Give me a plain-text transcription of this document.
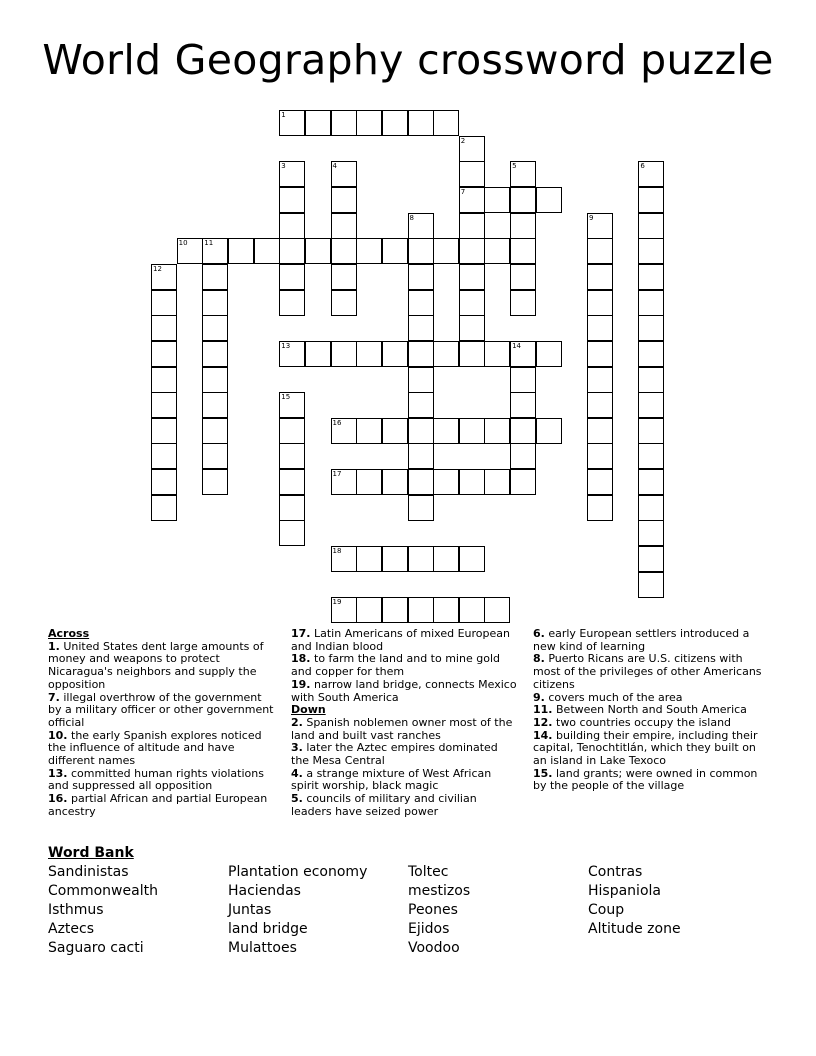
World Geography crossword puzzle
1
7
10 11
13	14
16
17
18
19
2
3	4	5	6
8	9
12
15
Across
1. United States dent large amounts of money and weapons to protect Nicaragua's neighbors and supply the opposition
7. illegal overthrow of the government by a military officer or other government official
10. the early Spanish explores noticed the influence of altitude and have different names
13. committed human rights violations and suppressed all opposition
16. partial African and partial European ancestry
17. Latin Americans of mixed European and Indian blood
18. to farm the land and to mine gold and copper for them
19. narrow land bridge, connects Mexico with South America
Down
2. Spanish noblemen owner most of the land and built vast ranches
3. later the Aztec empires dominated the Mesa Central
4. a strange mixture of West African spirit worship, black magic
5. councils of military and civilian leaders have seized power
6. early European settlers introduced a new kind of learning
8. Puerto Ricans are U.S. citizens with most of the privileges of other Americans citizens
9. covers much of the area
11. Between North and South America
12. two countries occupy the island
14. building their empire, including their capital, Tenochtitlán, which they built on an island in Lake Texoco
15. land grants; were owned in common by the people of the village
Word Bank
Sandinistas	Plantation economy	Toltec	Contras
Commonwealth	Haciendas	mestizos	Hispaniola
Isthmus	Juntas	Peones	Coup
Aztecs	land bridge	Ejidos	Altitude zone
Saguaro cacti	Mulattoes	Voodoo
